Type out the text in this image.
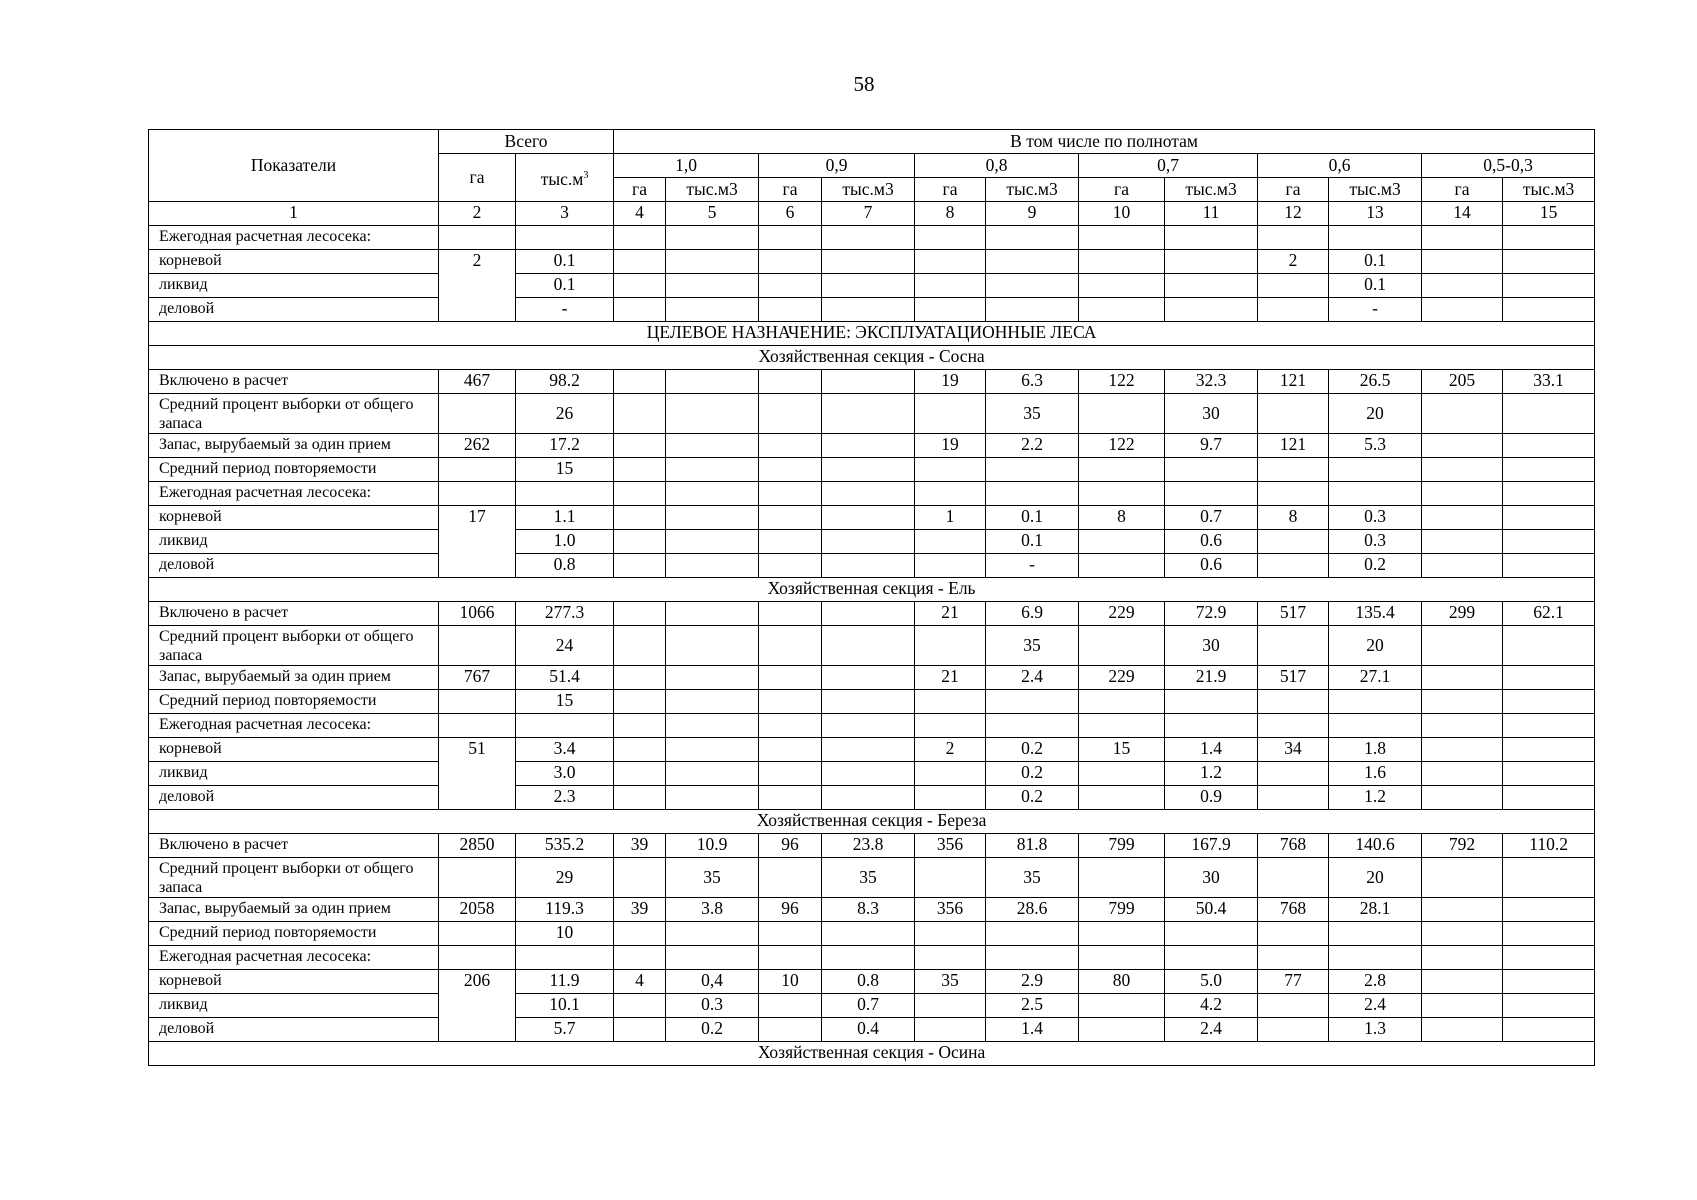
58
Показатели	Всего		В том числе по полнотам											
	га	$тыс.м^3$	1,0		0,9		0,8		0,7		0,6		0,5-0,3	
			га	тыс.м3	га	тыс.м3	га	тыс.м3	га	тыс.м3	га	тыс.м3	га	тыс.м3
1	2	3	4	5	6	7	8	9	10	11	12	13	14	15
Ежегодная расчетная лесосека:														
корневой	2	0.1									2	0.1		
ликвид		0.1										0.1		
деловой		-										-		
ЦЕЛЕВОЕ НАЗНАЧЕНИЕ: ЭКСПЛУАТАЦИОННЫЕ ЛЕСА														
Хозяйственная секция - Сосна														
Включено в расчет	467	98.2					19	6.3	122	32.3	121	26.5	205	33.1
Средний процент выборки от общего запаса		26						35		30		20		
Запас, вырубаемый за один прием	262	17.2					19	2.2	122	9.7	121	5.3		
Средний период повторяемости		15												
Ежегодная расчетная лесосека:														
корневой	17	1.1					1	0.1	8	0.7	8	0.3		
ликвид		1.0						0.1		0.6		0.3		
деловой		0.8						-		0.6		0.2		
Хозяйственная секция - Ель														
Включено в расчет	1066	277.3					21	6.9	229	72.9	517	135.4	299	62.1
Средний процент выборки от общего запаса		24						35		30		20		
Запас, вырубаемый за один прием	767	51.4					21	2.4	229	21.9	517	27.1		
Средний период повторяемости		15												
Ежегодная расчетная лесосека:														
корневой	51	3.4					2	0.2	15	1.4	34	1.8		
ликвид		3.0						0.2		1.2		1.6		
деловой		2.3						0.2		0.9		1.2		
Хозяйственная секция - Береза														
Включено в расчет	2850	535.2	39	10.9	96	23.8	356	81.8	799	167.9	768	140.6	792	110.2
Средний процент выборки от общего запаса		29		35		35		35		30		20		
Запас, вырубаемый за один прием	2058	119.3	39	3.8	96	8.3	356	28.6	799	50.4	768	28.1		
Средний период повторяемости		10												
Ежегодная расчетная лесосека:														
корневой	206	11.9	4	0,4	10	0.8	35	2.9	80	5.0	77	2.8		
ликвид		10.1		0.3		0.7		2.5		4.2		2.4		
деловой		5.7		0.2		0.4		1.4		2.4		1.3		
Хозяйственная секция - Осина														
